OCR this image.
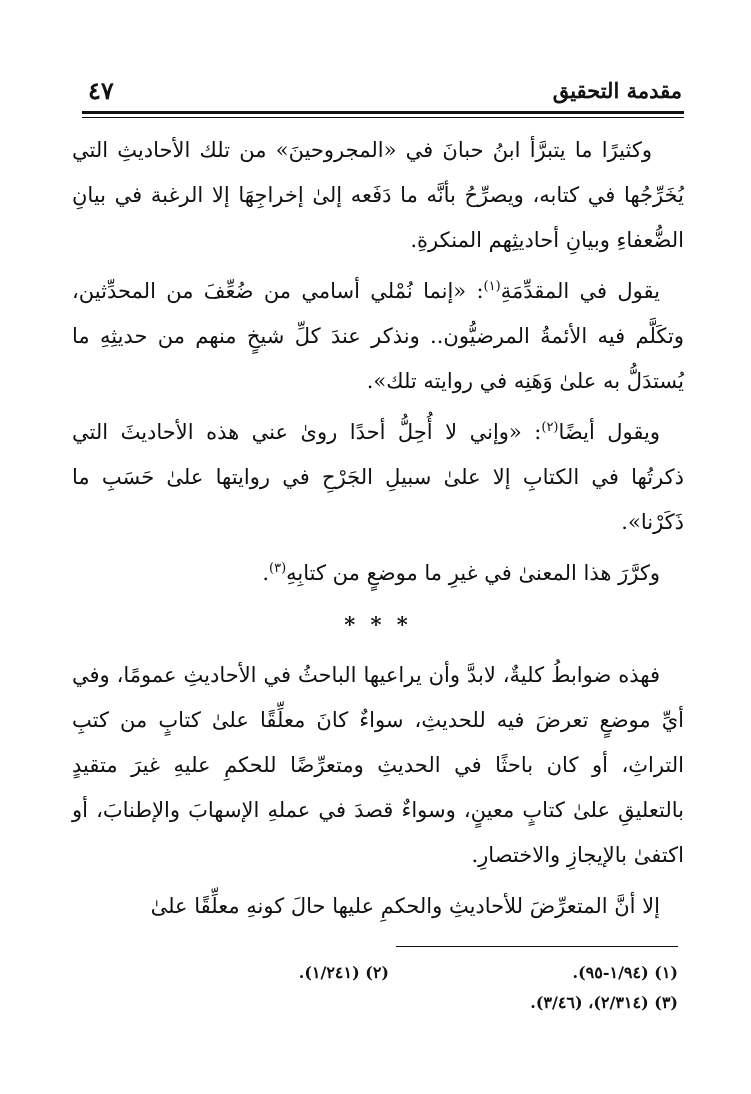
مقدمة التحقيق
٤٧

وكثيرًا ما يتبرَّأ ابنُ حبانَ في «المجروحينَ» من تلك الأحاديثِ التي يُخَرِّجُها في كتابه، ويصرِّحُ بأنَّه ما دَفَعه إلىٰ إخراجِهَا إلا الرغبة في بيانِ الضُّعفاءِ وبيانِ أحاديثِهم المنكرةِ.

يقول في المقدِّمَةِ$^{(١)}$: «إنما نُمْلي أسامي من ضُعِّفَ من المحدِّثين، وتكَلَّم فيه الأئمةُ المرضيُّون.. ونذكر عندَ كلِّ شيخٍ منهم من حديثِهِ ما يُستدَلُّ به علىٰ وَهَنِه في روايته تلك».

ويقول أيضًا$^{(٢)}$: «وإني لا أُحِلُّ أحدًا روىٰ عني هذه الأحاديثَ التي ذكرتُها في الكتابِ إلا علىٰ سبيلِ الجَرْحِ في روايتها علىٰ حَسَبِ ما ذَكَرْنا».

وكرَّرَ هذا المعنىٰ في غيرِ ما موضعٍ من كتابِهِ$^{(٣)}$.

* * *

فهذه ضوابطُ كليةٌ، لابدَّ وأن يراعيها الباحثُ في الأحاديثِ عمومًا، وفي أيِّ موضعٍ تعرضَ فيه للحديثِ، سواءٌ كانَ معلِّقًا علىٰ كتابٍ من كتبِ التراثِ، أو كان باحثًا في الحديثِ ومتعرِّضًا للحكمِ عليهِ غيرَ متقيدٍ بالتعليقِ علىٰ كتابٍ معينٍ، وسواءٌ قصدَ في عملهِ الإسهابَ والإطنابَ، أو اكتفىٰ بالإيجازِ والاختصارِ.

إلا أنَّ المتعرِّضَ للأحاديثِ والحكمِ عليها حالَ كونهِ معلِّقًا علىٰ

(١) (١/٩٤-٩٥).
(٢) (١/٢٤١).
(٣) (٢/٣١٤)، (٣/٤٦).
